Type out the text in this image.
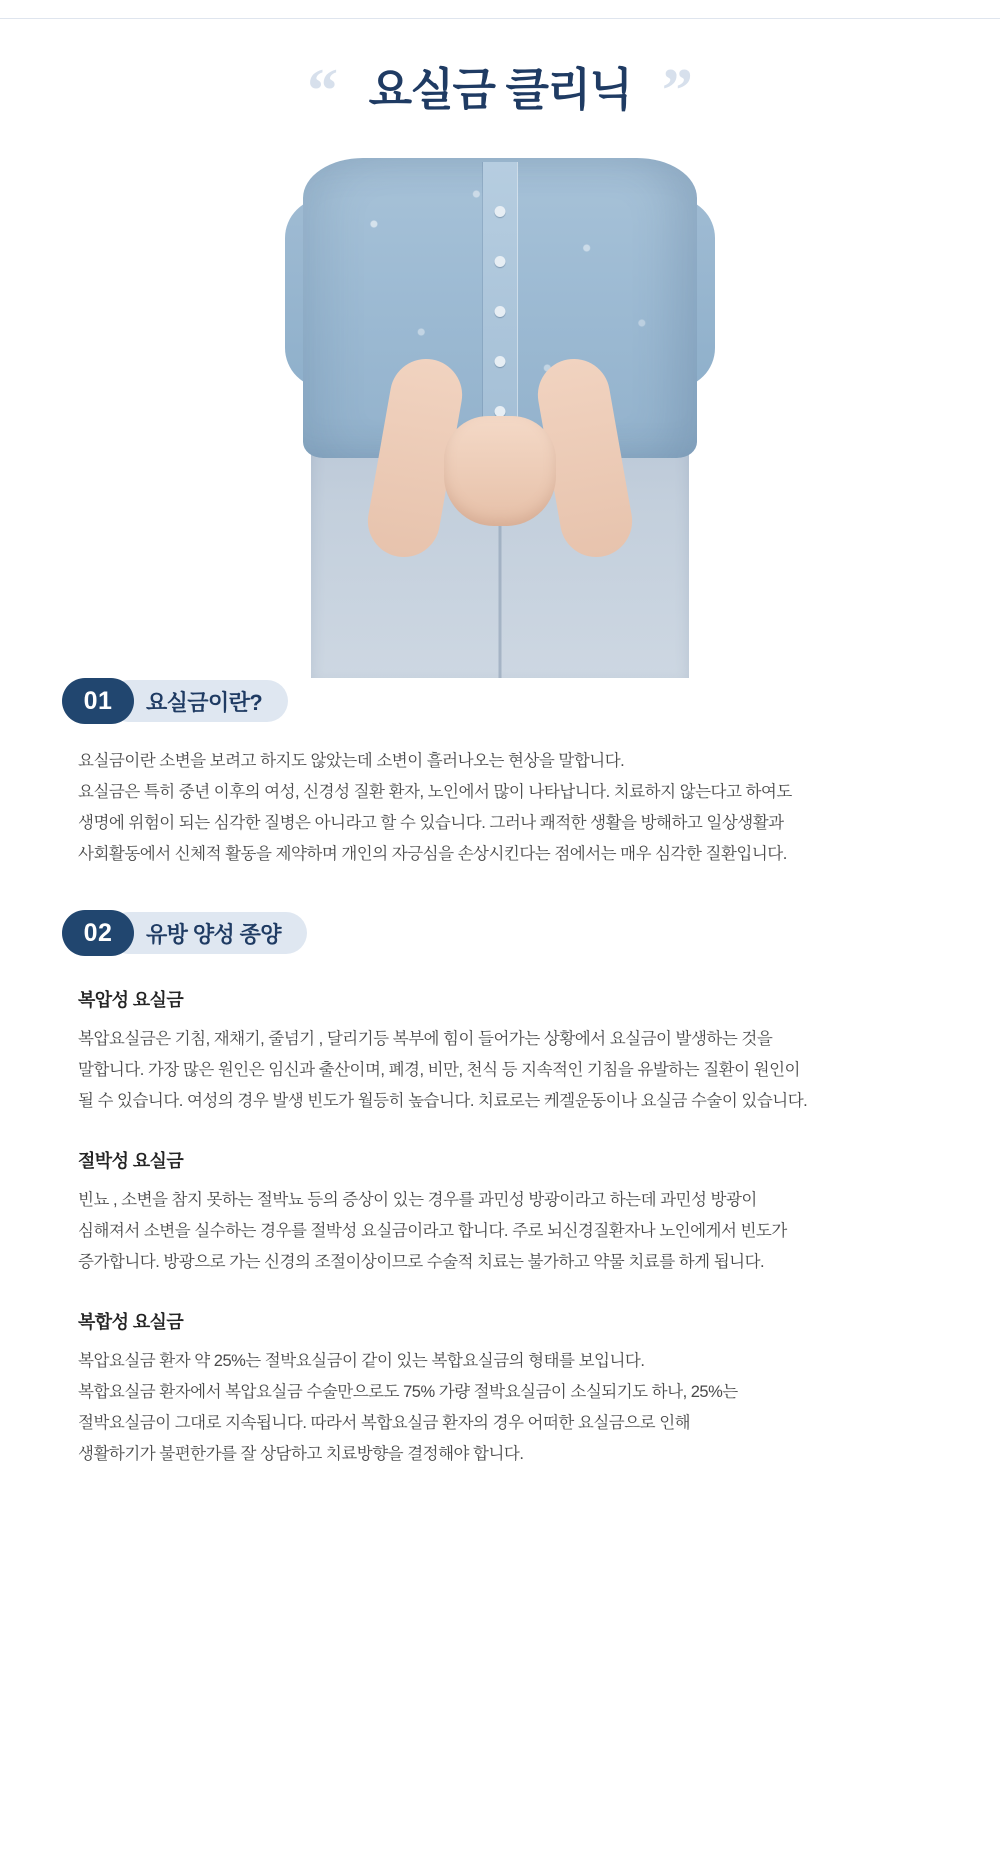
“ 요실금 클리닉 ”
01	요실금이란?

요실금이란 소변을 보려고 하지도 않았는데 소변이 흘러나오는 현상을 말합니다.

요실금은 특히 중년 이후의 여성, 신경성 질환 환자, 노인에서 많이 나타납니다. 치료하지 않는다고 하여도

생명에 위험이 되는 심각한 질병은 아니라고 할 수 있습니다. 그러나 쾌적한 생활을 방해하고 일상생활과

사회활동에서 신체적 활동을 제약하며 개인의 자긍심을 손상시킨다는 점에서는 매우 심각한 질환입니다.

02	유방 양성 종양
복압성 요실금

복압요실금은 기침, 재채기, 줄넘기 , 달리기등 복부에 힘이 들어가는 상황에서 요실금이 발생하는 것을

말합니다. 가장 많은 원인은 임신과 출산이며, 폐경, 비만, 천식 등 지속적인 기침을 유발하는 질환이 원인이

될 수 있습니다. 여성의 경우 발생 빈도가 월등히 높습니다. 치료로는 케겔운동이나 요실금 수술이 있습니다.

절박성 요실금

빈뇨 , 소변을 참지 못하는 절박뇨 등의 증상이 있는 경우를 과민성 방광이라고 하는데 과민성 방광이

심해져서 소변을 실수하는 경우를 절박성 요실금이라고 합니다. 주로 뇌신경질환자나 노인에게서 빈도가

증가합니다. 방광으로 가는 신경의 조절이상이므로 수술적 치료는 불가하고 약물 치료를 하게 됩니다.

복합성 요실금

복압요실금 환자 약 25%는 절박요실금이 같이 있는 복합요실금의 형태를 보입니다.

복합요실금 환자에서 복압요실금 수술만으로도 75% 가량 절박요실금이 소실되기도 하나, 25%는

절박요실금이 그대로 지속됩니다. 따라서 복합요실금 환자의 경우 어떠한 요실금으로 인해

생활하기가 불편한가를 잘 상담하고 치료방향을 결정해야 합니다.
